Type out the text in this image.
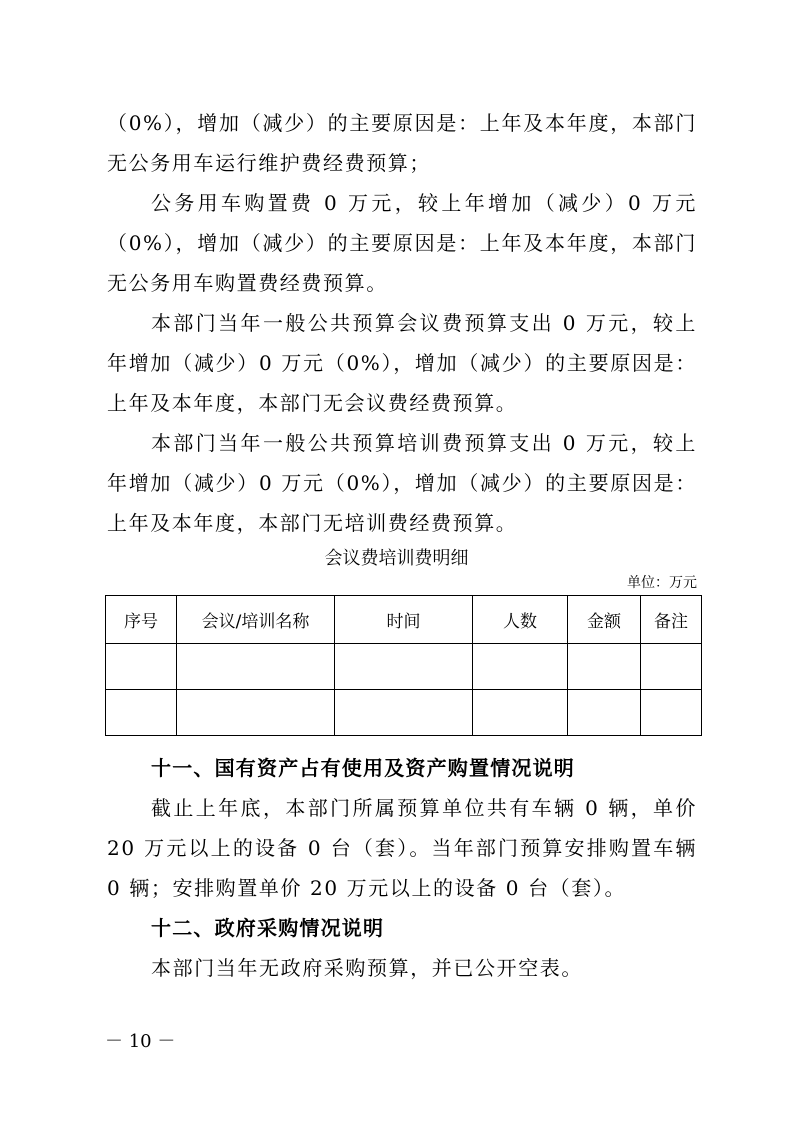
（0%），增加（减少）的主要原因是：上年及本年度，本部门无公务用车运行维护费经费预算；

公务用车购置费 0 万元，较上年增加（减少）0 万元（0%），增加（减少）的主要原因是：上年及本年度，本部门无公务用车购置费经费预算。

本部门当年一般公共预算会议费预算支出 0 万元，较上年增加（减少）0 万元（0%），增加（减少）的主要原因是：上年及本年度，本部门无会议费经费预算。

本部门当年一般公共预算培训费预算支出 0 万元，较上年增加（减少）0 万元（0%），增加（减少）的主要原因是：上年及本年度，本部门无培训费经费预算。

会议费培训费明细
单位：万元
序号	会议/培训名称	时间	人数	金额	备注

十一、国有资产占有使用及资产购置情况说明

截止上年底，本部门所属预算单位共有车辆 0 辆，单价 20 万元以上的设备 0 台（套）。当年部门预算安排购置车辆 0 辆；安排购置单价 20 万元以上的设备 0 台（套）。

十二、政府采购情况说明

本部门当年无政府采购预算，并已公开空表。

－ 10 －
